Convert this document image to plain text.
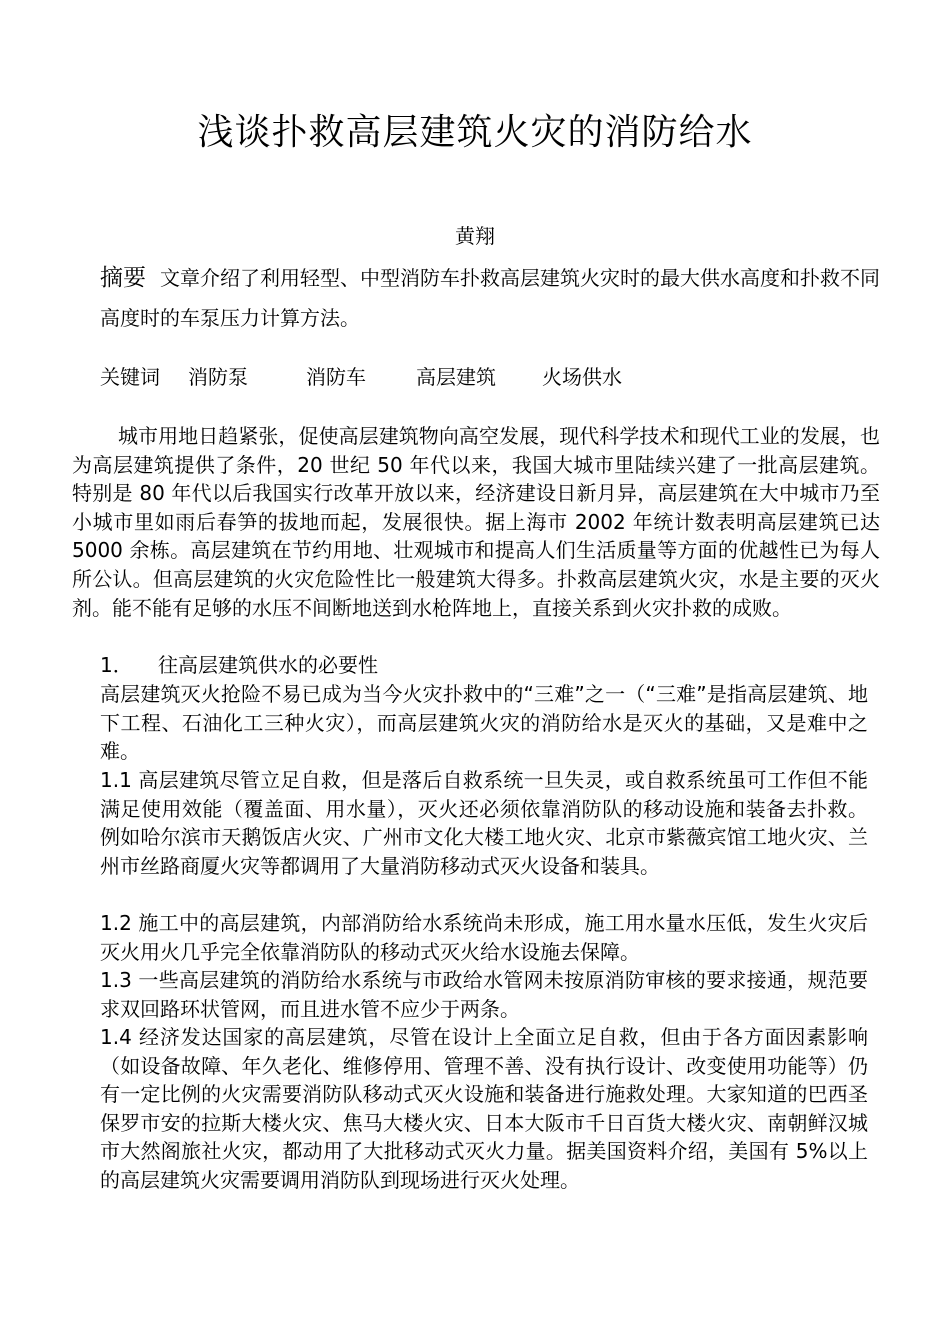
浅谈扑救高层建筑火灾的消防给水
黄翔
摘要 文章介绍了利用轻型、中型消防车扑救高层建筑火灾时的最大供水高度和扑救不同高度时的车泵压力计算方法。
关键词 消防泵	消防车	高层建筑	火场供水

城市用地日趋紧张，促使高层建筑物向高空发展，现代科学技术和现代工业的发展，也为高层建筑提供了条件，20 世纪 50 年代以来，我国大城市里陆续兴建了一批高层建筑。特别是 80 年代以后我国实行改革开放以来，经济建设日新月异，高层建筑在大中城市乃至小城市里如雨后春笋的拔地而起，发展很快。据上海市 2002 年统计数表明高层建筑已达 5000 余栋。高层建筑在节约用地、壮观城市和提高人们生活质量等方面的优越性已为每人所公认。但高层建筑的火灾危险性比一般建筑大得多。扑救高层建筑火灾，水是主要的灭火剂。能不能有足够的水压不间断地送到水枪阵地上，直接关系到火灾扑救的成败。

1． 往高层建筑供水的必要性

高层建筑灭火抢险不易已成为当今火灾扑救中的“三难”之一（“三难”是指高层建筑、地下工程、石油化工三种火灾），而高层建筑火灾的消防给水是灭火的基础，又是难中之难。

1.1 高层建筑尽管立足自救，但是落后自救系统一旦失灵，或自救系统虽可工作但不能满足使用效能（覆盖面、用水量），灭火还必须依靠消防队的移动设施和装备去扑救。例如哈尔滨市天鹅饭店火灾、广州市文化大楼工地火灾、北京市紫薇宾馆工地火灾、兰州市丝路商厦火灾等都调用了大量消防移动式灭火设备和装具。

1.2 施工中的高层建筑，内部消防给水系统尚未形成，施工用水量水压低，发生火灾后灭火用火几乎完全依靠消防队的移动式灭火给水设施去保障。

1.3 一些高层建筑的消防给水系统与市政给水管网未按原消防审核的要求接通，规范要求双回路环状管网，而且进水管不应少于两条。

1.4 经济发达国家的高层建筑，尽管在设计上全面立足自救，但由于各方面因素影响（如设备故障、年久老化、维修停用、管理不善、没有执行设计、改变使用功能等）仍有一定比例的火灾需要消防队移动式灭火设施和装备进行施救处理。大家知道的巴西圣保罗市安的拉斯大楼火灾、焦马大楼火灾、日本大阪市千日百货大楼火灾、南朝鲜汉城市大然阁旅社火灾，都动用了大批移动式灭火力量。据美国资料介绍，美国有 5%以上的高层建筑火灾需要调用消防队到现场进行灭火处理。
